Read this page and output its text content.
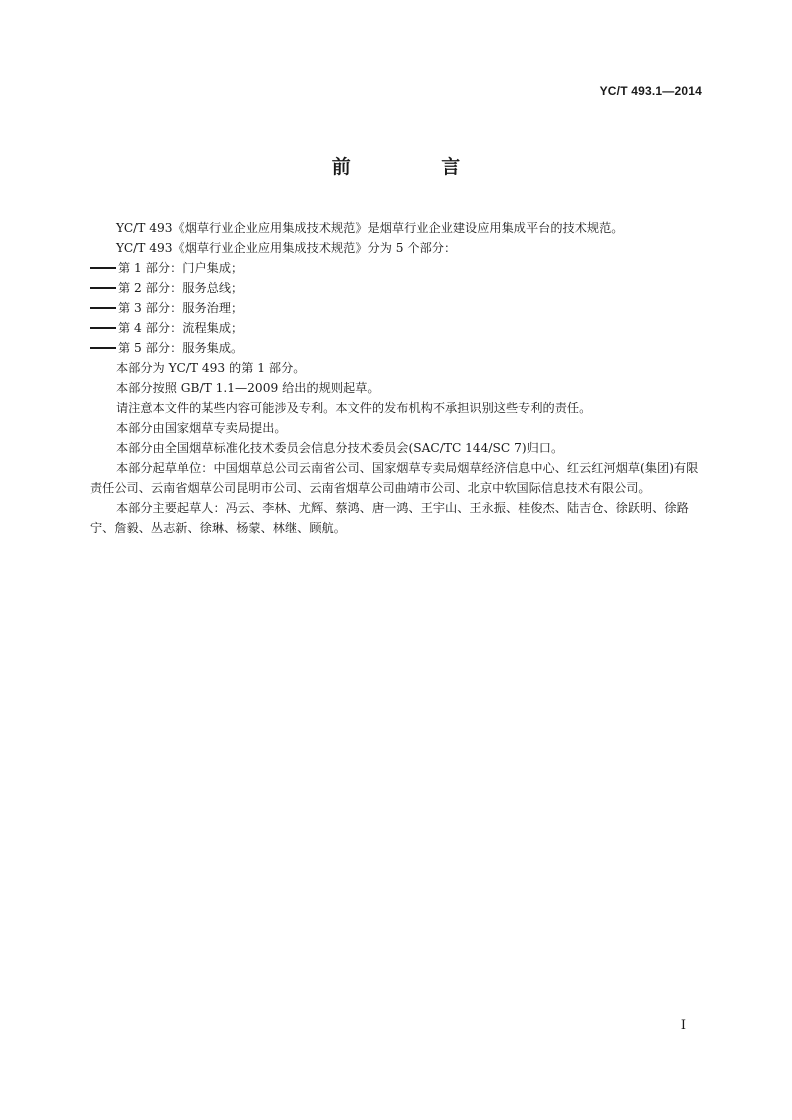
YC/T 493.1—2014
前 言

YC/T 493《烟草行业企业应用集成技术规范》是烟草行业企业建设应用集成平台的技术规范。

YC/T 493《烟草行业企业应用集成技术规范》分为 5 个部分：

第 1 部分：门户集成；

第 2 部分：服务总线；

第 3 部分：服务治理；

第 4 部分：流程集成；

第 5 部分：服务集成。

本部分为 YC/T 493 的第 1 部分。

本部分按照 GB/T 1.1—2009 给出的规则起草。

请注意本文件的某些内容可能涉及专利。本文件的发布机构不承担识别这些专利的责任。

本部分由国家烟草专卖局提出。

本部分由全国烟草标准化技术委员会信息分技术委员会(SAC/TC 144/SC 7)归口。

本部分起草单位：中国烟草总公司云南省公司、国家烟草专卖局烟草经济信息中心、红云红河烟草(集团)有限责任公司、云南省烟草公司昆明市公司、云南省烟草公司曲靖市公司、北京中软国际信息技术有限公司。

本部分主要起草人：冯云、李林、尤辉、蔡鸿、唐一鸿、王宇山、王永振、桂俊杰、陆吉仓、徐跃明、徐路宁、詹毅、丛志新、徐琳、杨蒙、林继、顾航。

I
